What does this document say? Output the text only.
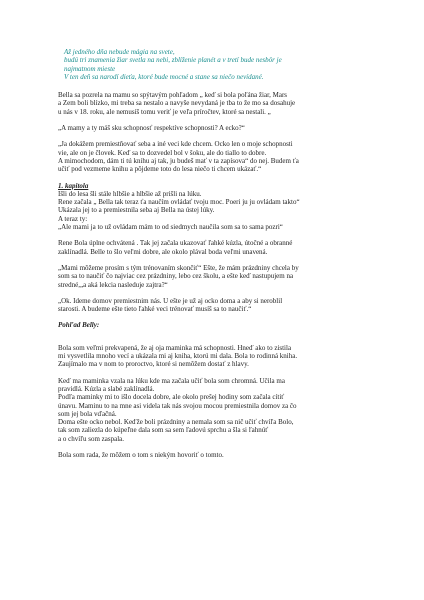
Až jedného dňa nebude mágia na svete,
budú tri znamenia žiar svetla na nebi, zblíženie planét a v tretí bude nesbör je
najmatnom mieste
V ten deň sa narodí dieťa, ktoré bude mocné a stane sa niečo nevídané.

Bella sa pozrela na mamu so spýtavým pohľadom „ keď si bola poľána žiar, Mars
a Zem boli blízko, mi treba sa nestalo a navyše nevydaná je tba to že mo sa dosahuje
u nás v 18. roku, ale nemusíš tomu veriť je veľa príročtev, ktoré sa nestali. „

„A mamy a ty máš sku schopnosť respektíve schopnosti? A ecko?“

„Ja dokážem premiestňovať seba a iné veci kde chcem. Ocko len o moje schopnosti
vie, ale on je človek. Keď sa to dozvedel bol v šoku, ale do tiallo to dobre.
A mimochodom, dám ti tú knihu aj tak, ju budeš mať v ta zapísova“ do nej. Budem ťa
učiť pod vezmeme knihu a pôjdeme toto do lesa niečo ti chcem ukázať.“

1. kapitola

Išli do lesa šli stále hlbšie a hlbšie až prišli na lúku.
Rene začala „ Bella tak teraz ťa naučím ovládať tvoju moc. Poeri ju ju ovládam takto“
Ukázala jej to a premiestnila seba aj Bella na ústej lúky.
A teraz ty:
„Ale mami ja to už ovládam mám to od siedmych naučila som sa to sama pozri“

Rene Bola úplne ochvátená . Tak jej začala ukazovať ľahké kúzla, útočné a obranné
zaklínadlá. Belle to šlo veľmi dobre, ale okolo plával boda veľmi unavená.

„Mami môžeme prosím s tým trénovaním skončiť“ Ešte, že mám prázdniny chcela by
som sa to naučiť čo najviac cez prázdniny, lebo cez školu, a ešte keď nastupujem na
stredné,„a aká lekcia nasleduje zajtra?“

„Ok. Ideme domov premiestnim nás. U ešte je už aj ocko doma a aby si neroblil
starosti. A budeme ešte tieto ľahké veci trénovať musíš sa to naučiť.“

Pohľad Belly:

Bola som veľmi prekvapená, že aj oja maminka má schopnosti. Hneď ako to zistila
mi vysvetlila mnoho vecí a ukázala mi aj kniha, ktorú mi dala. Bola to rodinná kniha.
Zaujímalo ma v nom to proroctvo, ktoré si nemôžem dostať z hlavy.

Keď ma maminka vzala na lúku kde ma začala učiť bola som chromná. Učila ma
pravidlá. Kúzla a slabé zaklínadlá.
Podľa maminky mi to išlo docela dobre, ale okolo prešej hodiny som začala cítiť
únavu. Maminu to na mne asi videla tak nás svojou mocou premiestnila domov za čo
som jej bola vďačná.
Doma ešte ocko nebol. Keďže boli prázdniny a nemala som sa nič učiť chvíľa Bolo,
tak som zaliezla do kúpeľne dala som sa sem ľadovú sprchu a šla si ľahnúť
a o chvíľu som zaspala.

Bola som rada, že môžem o tom s niekým hovoriť o tomto.
